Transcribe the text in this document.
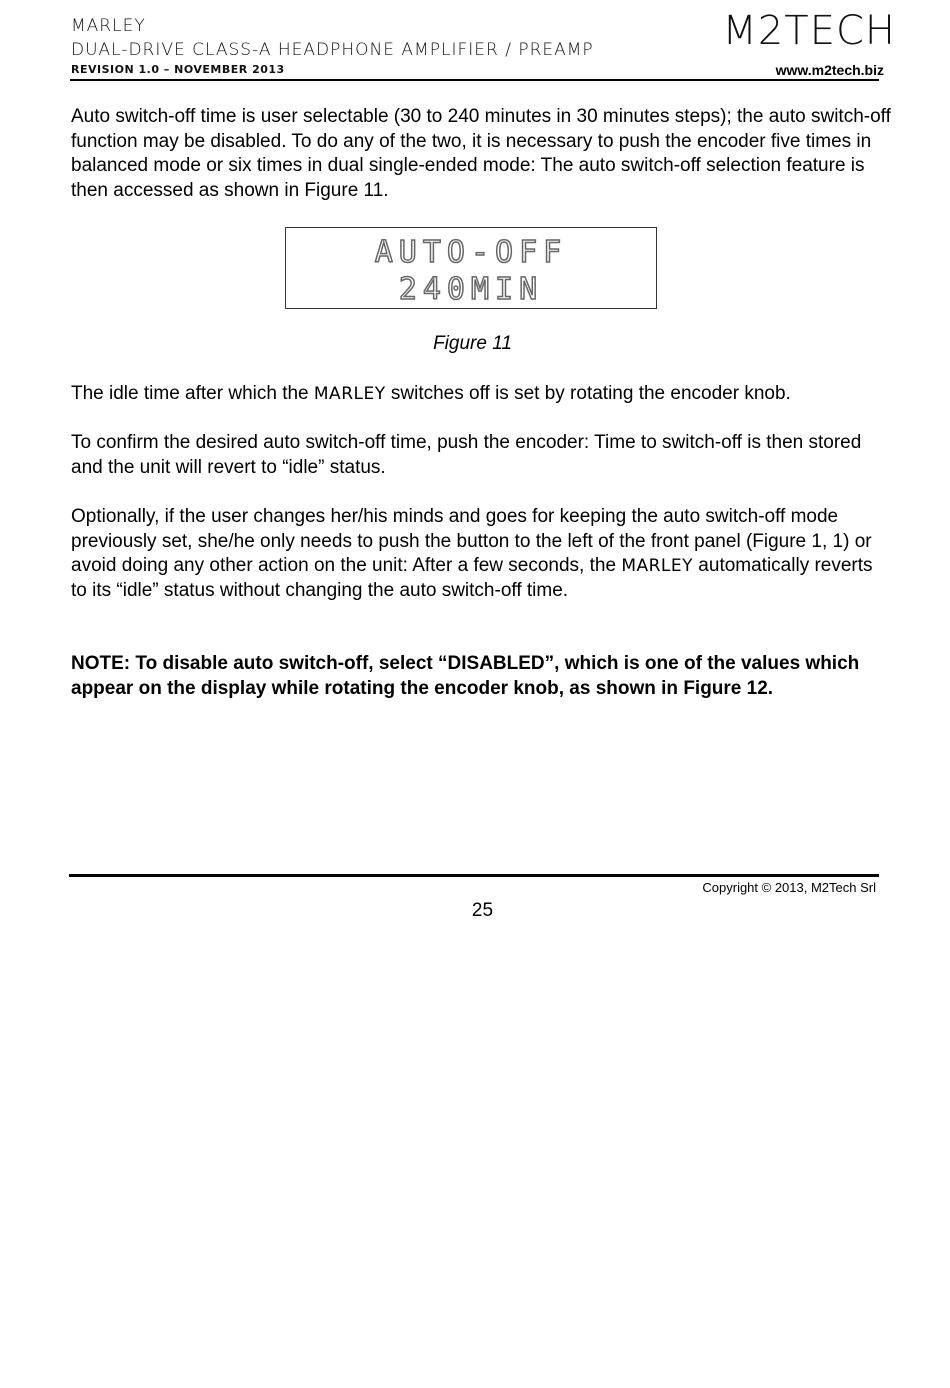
MARLEY
DUAL-DRIVE CLASS-A HEADPHONE AMPLIFIER / PREAMP
REVISION 1.0 – NOVEMBER 2013
M2TECH
www.m2tech.biz
Auto switch-off time is user selectable (30 to 240 minutes in 30 minutes steps); the auto switch-off function may be disabled. To do any of the two, it is necessary to push the encoder five times in balanced mode or six times in dual single-ended mode: The auto switch-off selection feature is then accessed as shown in Figure 11.
AUTO-OFF
240MIN
Figure 11
The idle time after which the MARLEY switches off is set by rotating the encoder knob.
To confirm the desired auto switch-off time, push the encoder: Time to switch-off is then stored and the unit will revert to “idle” status.
Optionally, if the user changes her/his minds and goes for keeping the auto switch-off mode previously set, she/he only needs to push the button to the left of the front panel (Figure 1, 1) or avoid doing any other action on the unit: After a few seconds, the MARLEY automatically reverts to its “idle” status without changing the auto switch-off time.
NOTE: To disable auto switch-off, select “DISABLED”, which is one of the values which appear on the display while rotating the encoder knob, as shown in Figure 12.
Copyright © 2013, M2Tech Srl
25
